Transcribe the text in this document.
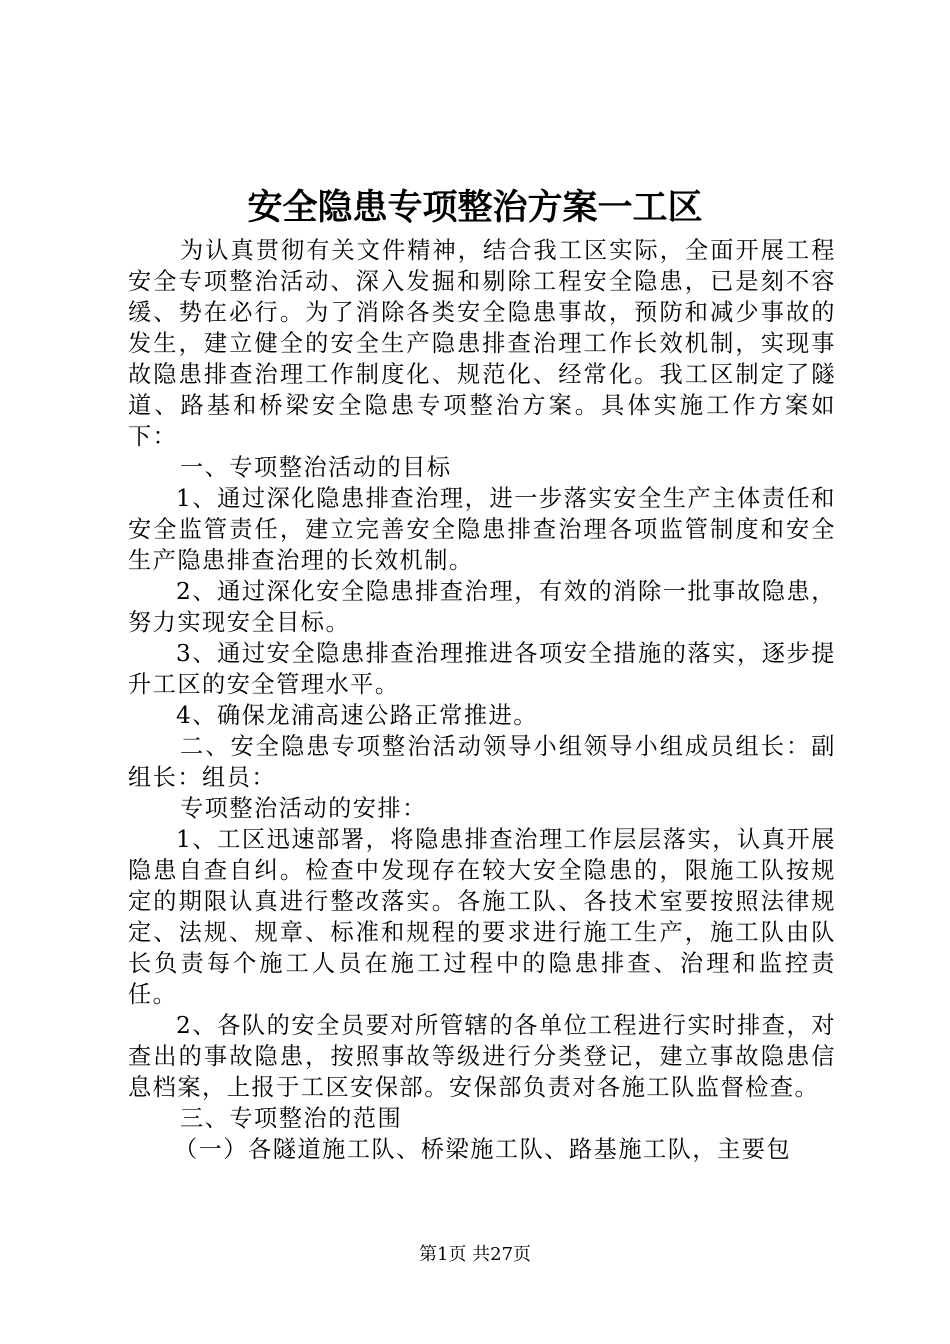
安全隐患专项整治方案一工区

为认真贯彻有关文件精神，结合我工区实际，全面开展工程安全专项整治活动、深入发掘和剔除工程安全隐患，已是刻不容缓、势在必行。为了消除各类安全隐患事故，预防和减少事故的发生，建立健全的安全生产隐患排查治理工作长效机制，实现事故隐患排查治理工作制度化、规范化、经常化。我工区制定了隧道、路基和桥梁安全隐患专项整治方案。具体实施工作方案如下：

一、专项整治活动的目标

1、通过深化隐患排查治理，进一步落实安全生产主体责任和安全监管责任，建立完善安全隐患排查治理各项监管制度和安全生产隐患排查治理的长效机制。

2、通过深化安全隐患排查治理，有效的消除一批事故隐患，努力实现安全目标。

3、通过安全隐患排查治理推进各项安全措施的落实，逐步提升工区的安全管理水平。

4、确保龙浦高速公路正常推进。

二、安全隐患专项整治活动领导小组领导小组成员组长：副组长：组员：

专项整治活动的安排：

1、工区迅速部署，将隐患排查治理工作层层落实，认真开展隐患自查自纠。检查中发现存在较大安全隐患的，限施工队按规定的期限认真进行整改落实。各施工队、各技术室要按照法律规定、法规、规章、标准和规程的要求进行施工生产，施工队由队长负责每个施工人员在施工过程中的隐患排查、治理和监控责任。

2、各队的安全员要对所管辖的各单位工程进行实时排查，对查出的事故隐患，按照事故等级进行分类登记，建立事故隐患信息档案，上报于工区安保部。安保部负责对各施工队监督检查。

三、专项整治的范围

（一）各隧道施工队、桥梁施工队、路基施工队，主要包

第1页 共27页
